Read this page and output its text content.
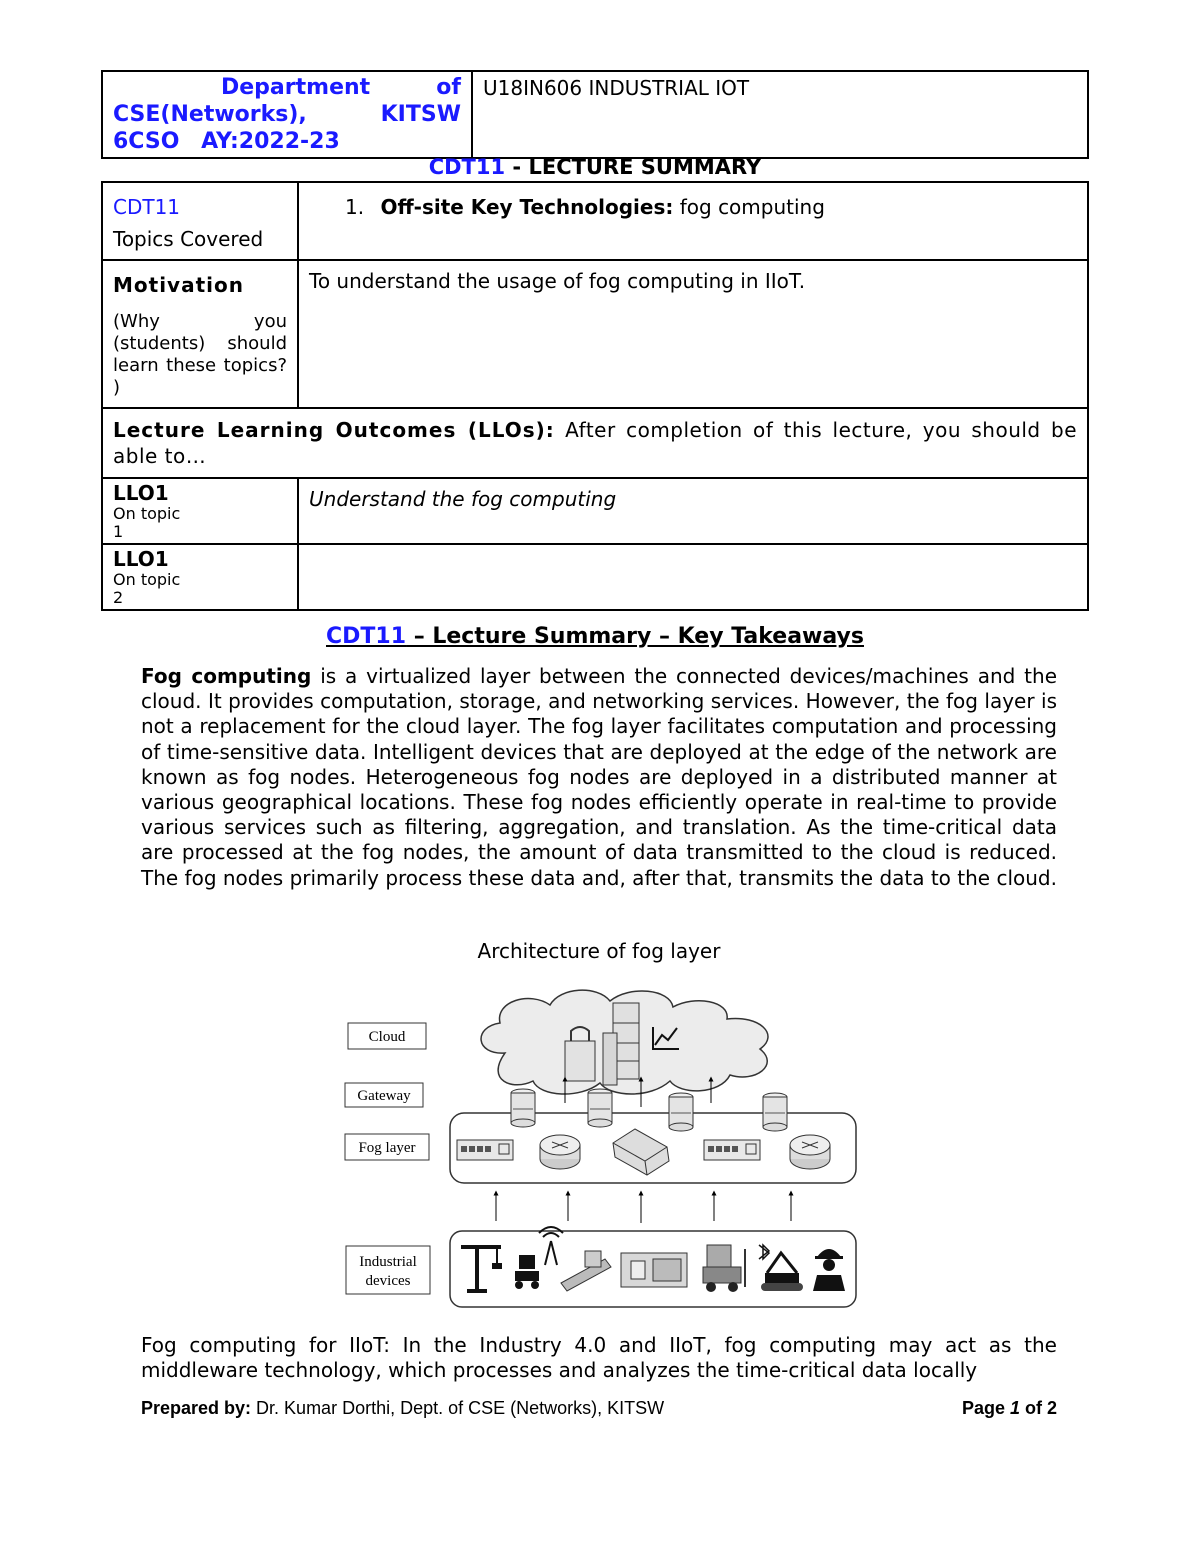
Department of
CSE(Networks), KITSW
6CSO AY:2022-23
	U18IN606 INDUSTRIAL IOT
CDT11 - LECTURE SUMMARY
CDT11
Topics Covered	1. Off-site Key Technologies: fog computing

Motivation
(Why you (students) should learn these topics? )	To understand the usage of fog computing in IIoT.

Lecture Learning Outcomes (LLOs): After completion of this lecture, you should be able to…	

LLO1
On topic
1	Understand the fog computing

LLO1
On topic
2	

CDT11 – Lecture Summary – Key Takeaways

Fog computing is a virtualized layer between the connected devices/machines and the cloud. It provides computation, storage, and networking services. However, the fog layer is not a replacement for the cloud layer. The fog layer facilitates computation and processing of time-sensitive data. Intelligent devices that are deployed at the edge of the network are known as fog nodes. Heterogeneous fog nodes are deployed in a distributed manner at various geographical locations. These fog nodes efficiently operate in real-time to provide various services such as filtering, aggregation, and translation. As the time-critical data are processed at the fog nodes, the amount of data transmitted to the cloud is reduced. The fog nodes primarily process these data and, after that, transmits the data to the cloud.

Architecture of fog layer
Cloud
Gateway
Fog layer
Industrial
devices

Fog computing for IIoT: In the Industry 4.0 and IIoT, fog computing may act as the middleware technology, which processes and analyzes the time-critical data locally

Prepared by: Dr. Kumar Dorthi, Dept. of CSE (Networks), KITSW	Page 1 of 2
